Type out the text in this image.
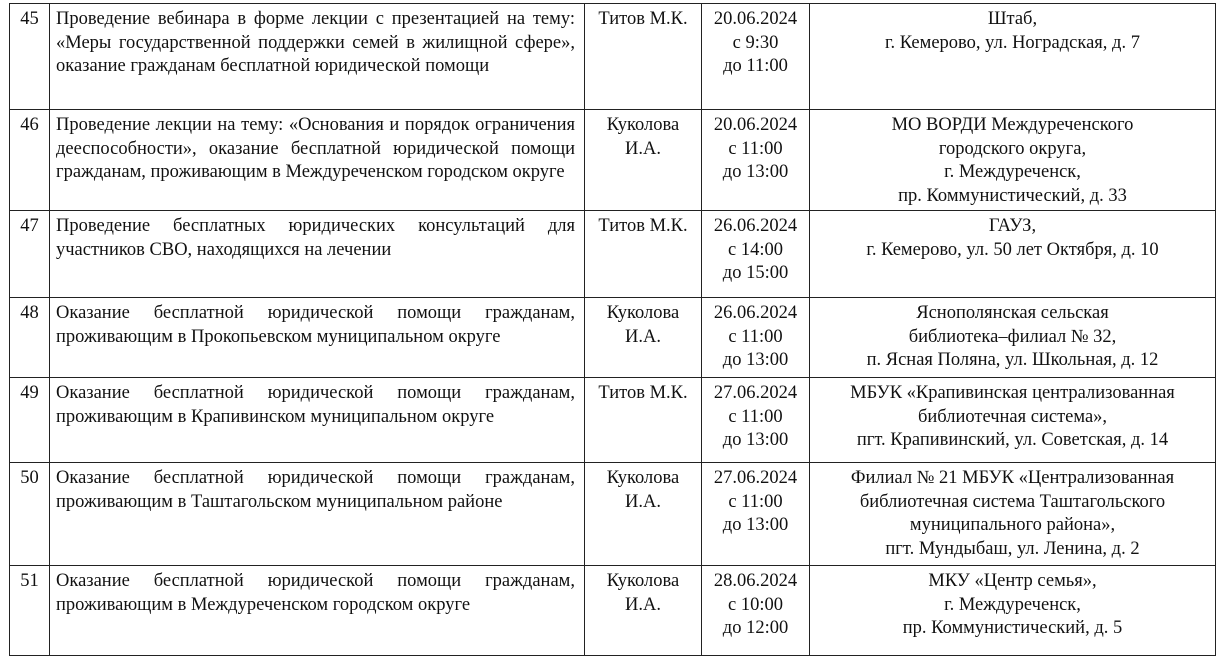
45	Проведение вебинара в форме лекции с презентацией на тему: «Меры государственной поддержки семей в жилищной сфере», оказание гражданам бесплатной юридической помощи	Титов М.К.	20.06.2024
с 9:30
до 11:00	Штаб,
г. Кемерово, ул. Ноградская, д. 7

46	Проведение лекции на тему: «Основания и порядок ограничения дееспособности», оказание бесплатной юридической помощи гражданам, проживающим в Междуреченском городском округе	Куколова И.А.	20.06.2024
с 11:00
до 13:00	МО ВОРДИ Междуреченского
городского округа,
г. Междуреченск,
пр. Коммунистический, д. 33

47	Проведение бесплатных юридических консультаций для участников СВО, находящихся на лечении	Титов М.К.	26.06.2024
с 14:00
до 15:00	ГАУЗ,
г. Кемерово, ул. 50 лет Октября, д. 10

48	Оказание бесплатной юридической помощи гражданам, проживающим в Прокопьевском муниципальном округе	Куколова И.А.	26.06.2024
с 11:00
до 13:00	Яснополянская сельская
библиотека–филиал № 32,
п. Ясная Поляна, ул. Школьная, д. 12

49	Оказание бесплатной юридической помощи гражданам, проживающим в Крапивинском муниципальном округе	Титов М.К.	27.06.2024
с 11:00
до 13:00	МБУК «Крапивинская централизованная
библиотечная система»,
пгт. Крапивинский, ул. Советская, д. 14

50	Оказание бесплатной юридической помощи гражданам, проживающим в Таштагольском муниципальном районе	Куколова И.А.	27.06.2024
с 11:00
до 13:00	Филиал № 21 МБУК «Централизованная
библиотечная система Таштагольского
муниципального района»,
пгт. Мундыбаш, ул. Ленина, д. 2

51	Оказание бесплатной юридической помощи гражданам, проживающим в Междуреченском городском округе	Куколова И.А.	28.06.2024
с 10:00
до 12:00	МКУ «Центр семья»,
г. Междуреченск,
пр. Коммунистический, д. 5
